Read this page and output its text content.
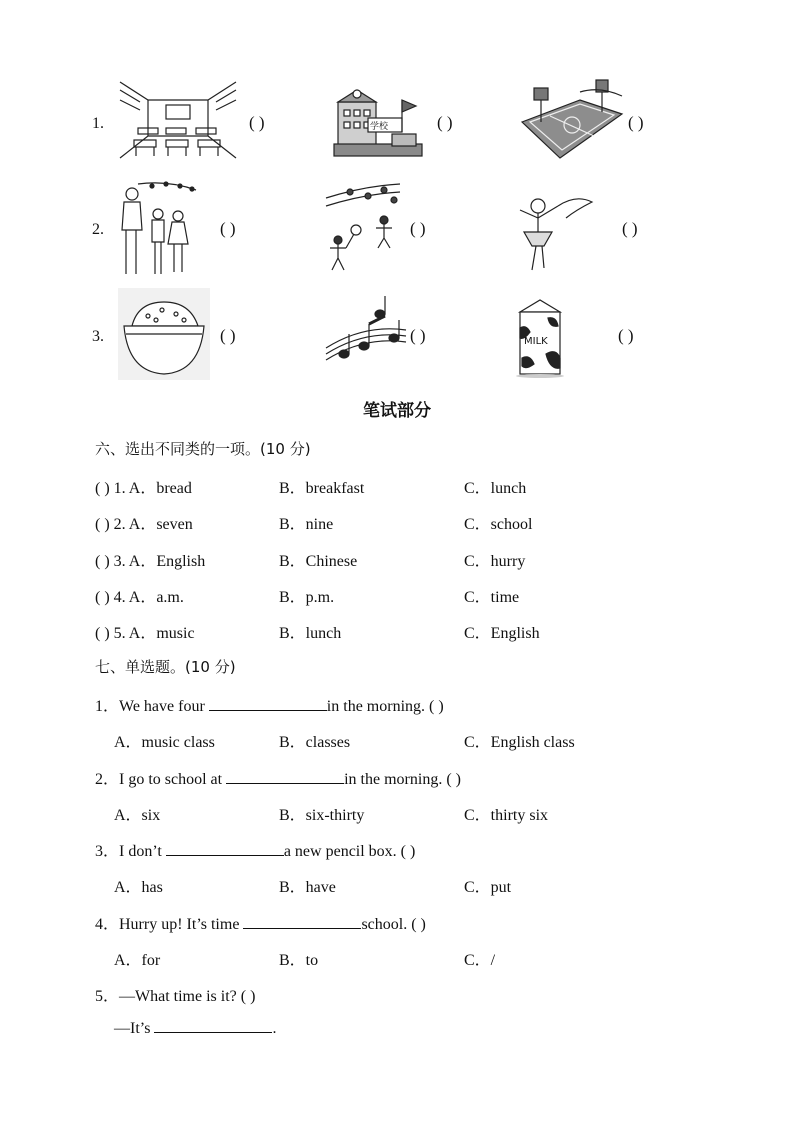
1.
2.
3.
( )	学校	( )	( )
( )	( )	( )
( )	( )	MILK	( )
笔试部分
六、选出不同类的一项。(10 分)
( ) 1. A．bread	B．breakfast	C．lunch
( ) 2. A．seven	B．nine	C．school
( ) 3. A．English	B．Chinese	C．hurry
( ) 4. A．a.m.	B．p.m.	C．time
( ) 5. A．music	B．lunch	C．English
七、单选题。(10 分)
1．We have four	in the morning. ( )
A．music class	B．classes	C．English class
2．I go to school at	in the morning. ( )
A．six	B．six-thirty	C．thirty six
3．I don’t	a new pencil box. ( )
A．has	B．have	C．put
4．Hurry up! It’s time	school. ( )
A．for	B．to	C．/
5．—What time is it? ( )
—It’s	.
